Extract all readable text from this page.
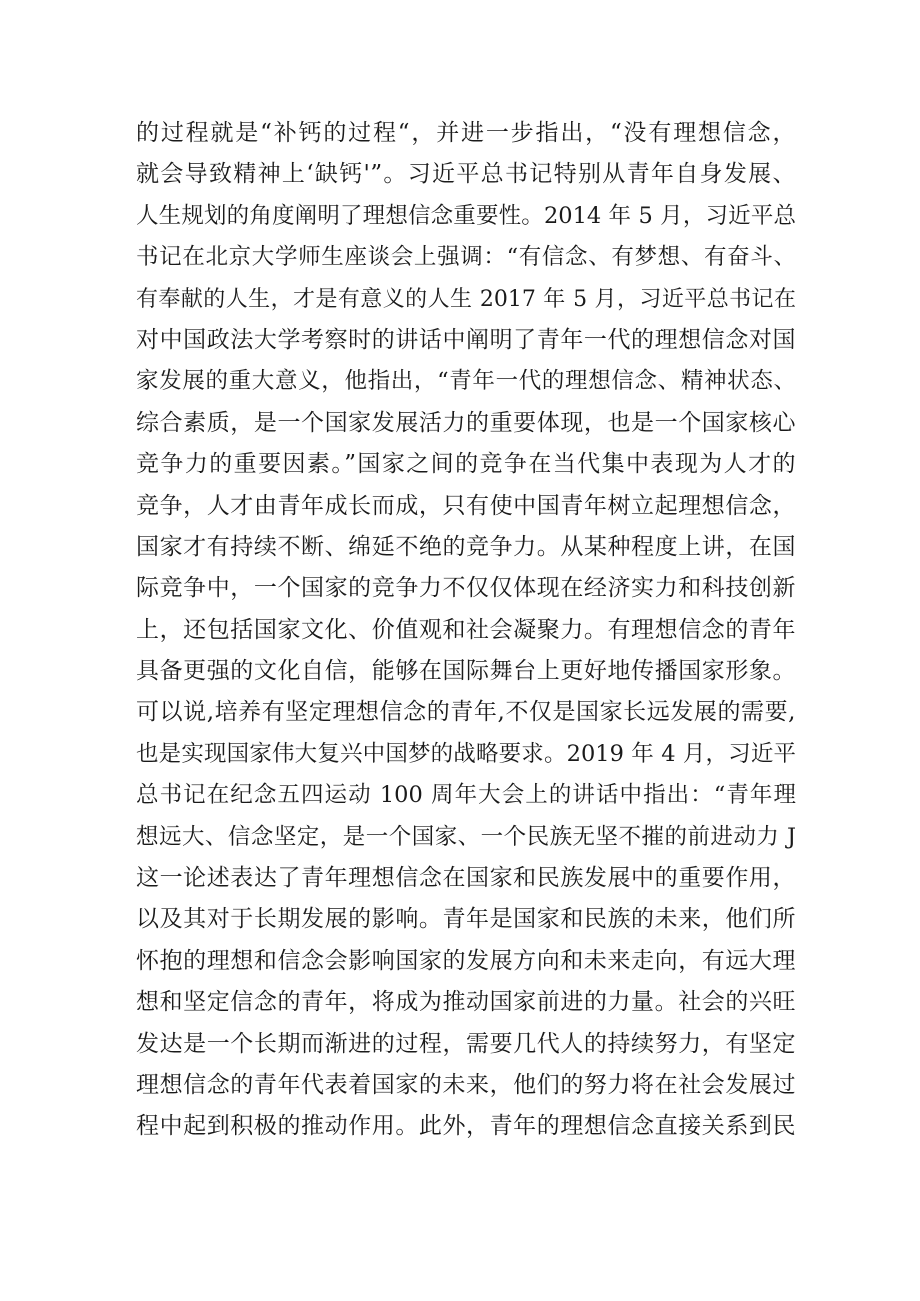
的过程就是“补钙的过程“，并进一步指出，“没有理想信念，
就会导致精神上‘缺钙'”。习近平总书记特别从青年自身发展、
人生规划的角度阐明了理想信念重要性。2014 年 5 月，习近平总
书记在北京大学师生座谈会上强调：“有信念、有梦想、有奋斗、
有奉献的人生，才是有意义的人生 2017 年 5 月，习近平总书记在
对中国政法大学考察时的讲话中阐明了青年一代的理想信念对国
家发展的重大意义，他指出，“青年一代的理想信念、精神状态、
综合素质，是一个国家发展活力的重要体现，也是一个国家核心
竞争力的重要因素。”国家之间的竞争在当代集中表现为人才的
竞争，人才由青年成长而成，只有使中国青年树立起理想信念，
国家才有持续不断、绵延不绝的竞争力。从某种程度上讲，在国
际竞争中，一个国家的竞争力不仅仅体现在经济实力和科技创新
上，还包括国家文化、价值观和社会凝聚力。有理想信念的青年
具备更强的文化自信，能够在国际舞台上更好地传播国家形象。
可以说,培养有坚定理想信念的青年,不仅是国家长远发展的需要,
也是实现国家伟大复兴中国梦的战略要求。2019 年 4 月，习近平
总书记在纪念五四运动 100 周年大会上的讲话中指出：“青年理
想远大、信念坚定，是一个国家、一个民族无坚不摧的前进动力 J
这一论述表达了青年理想信念在国家和民族发展中的重要作用，
以及其对于长期发展的影响。青年是国家和民族的未来，他们所
怀抱的理想和信念会影响国家的发展方向和未来走向，有远大理
想和坚定信念的青年，将成为推动国家前进的力量。社会的兴旺
发达是一个长期而渐进的过程，需要几代人的持续努力，有坚定
理想信念的青年代表着国家的未来，他们的努力将在社会发展过
程中起到积极的推动作用。此外，青年的理想信念直接关系到民
